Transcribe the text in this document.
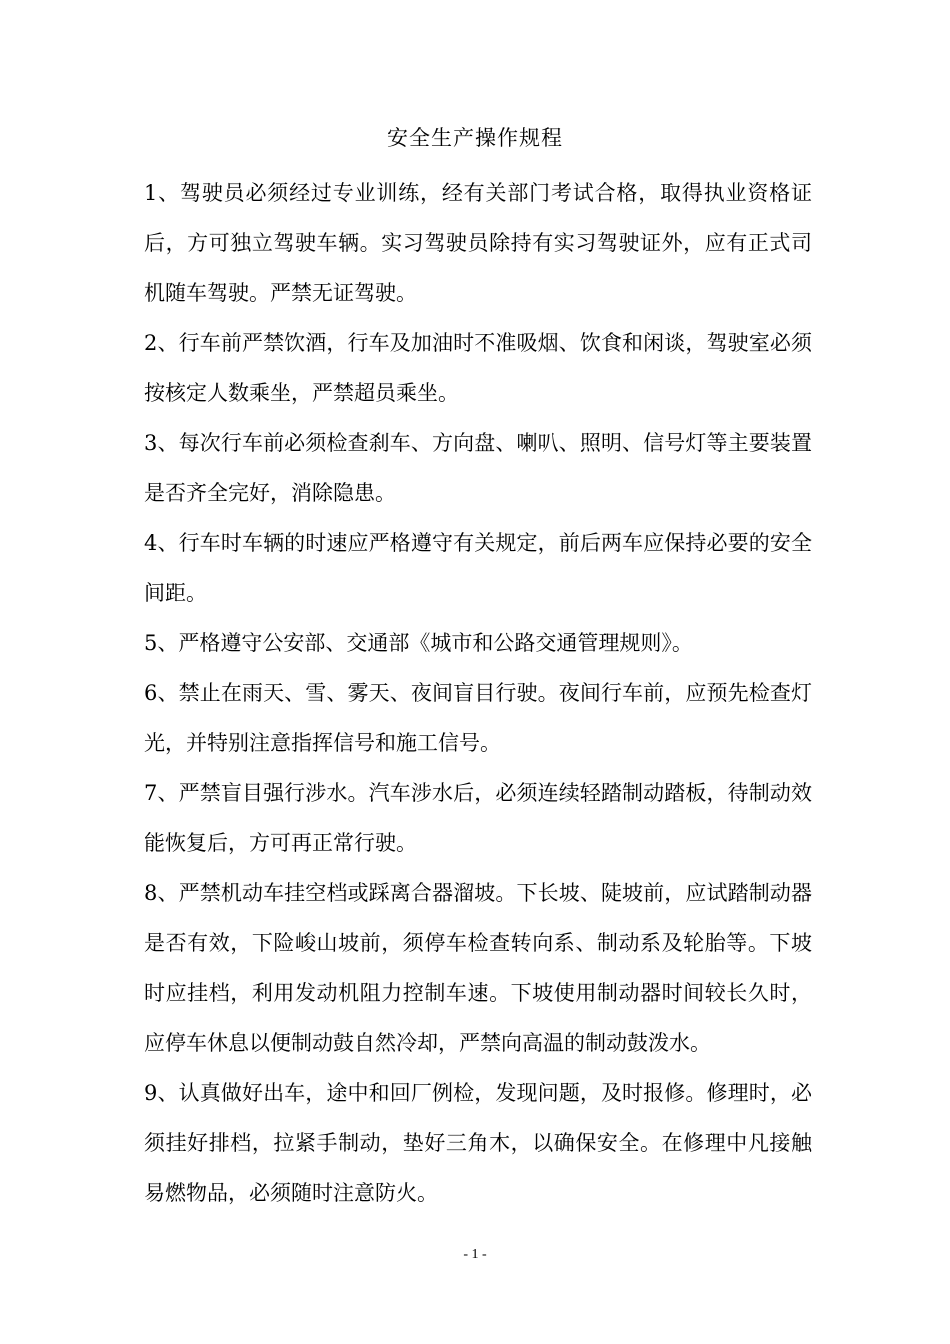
安全生产操作规程

1、驾驶员必须经过专业训练，经有关部门考试合格，取得执业资格证后，方可独立驾驶车辆。实习驾驶员除持有实习驾驶证外，应有正式司机随车驾驶。严禁无证驾驶。

2、行车前严禁饮酒，行车及加油时不准吸烟、饮食和闲谈，驾驶室必须按核定人数乘坐，严禁超员乘坐。

3、每次行车前必须检查刹车、方向盘、喇叭、照明、信号灯等主要装置是否齐全完好，消除隐患。

4、行车时车辆的时速应严格遵守有关规定，前后两车应保持必要的安全间距。

5、严格遵守公安部、交通部《城市和公路交通管理规则》。

6、禁止在雨天、雪、雾天、夜间盲目行驶。夜间行车前，应预先检查灯光，并特别注意指挥信号和施工信号。

7、严禁盲目强行涉水。汽车涉水后，必须连续轻踏制动踏板，待制动效能恢复后，方可再正常行驶。

8、严禁机动车挂空档或踩离合器溜坡。下长坡、陡坡前，应试踏制动器是否有效，下险峻山坡前，须停车检查转向系、制动系及轮胎等。下坡时应挂档，利用发动机阻力控制车速。下坡使用制动器时间较长久时，应停车休息以便制动鼓自然冷却，严禁向高温的制动鼓泼水。

9、认真做好出车，途中和回厂例检，发现问题，及时报修。修理时，必须挂好排档，拉紧手制动，垫好三角木，以确保安全。在修理中凡接触易燃物品，必须随时注意防火。

- 1 -
